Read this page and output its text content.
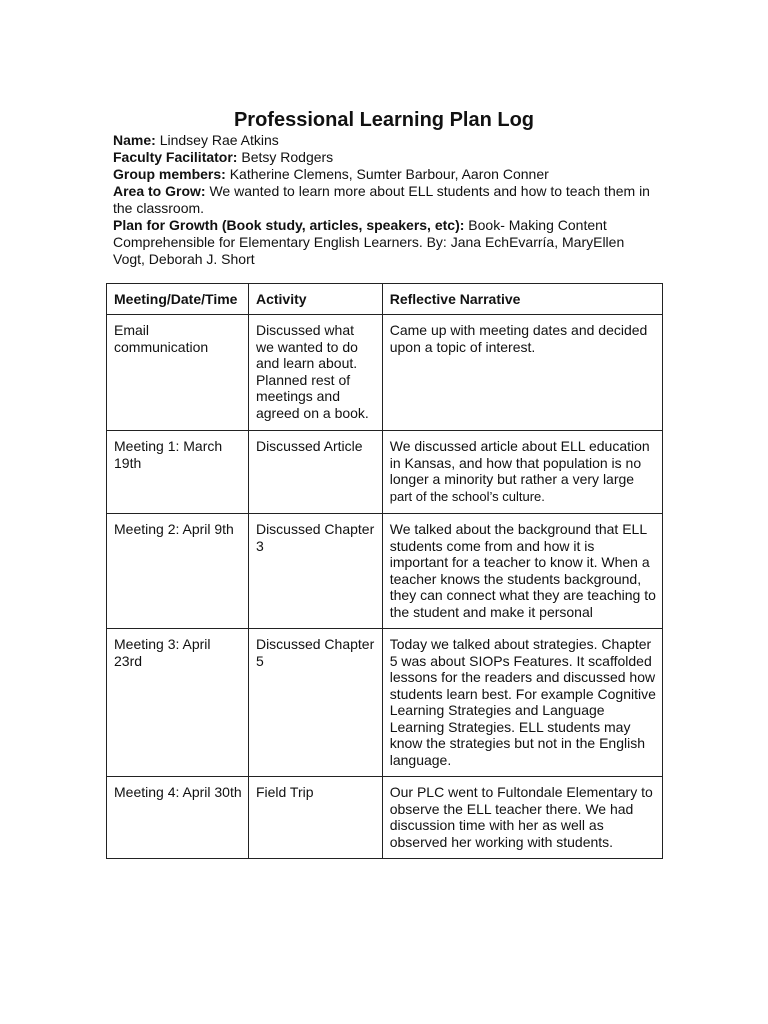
Professional Learning Plan Log

Name: Lindsey Rae Atkins

Faculty Facilitator: Betsy Rodgers

Group members: Katherine Clemens, Sumter Barbour, Aaron Conner

Area to Grow: We wanted to learn more about ELL students and how to teach them in the classroom.

Plan for Growth (Book study, articles, speakers, etc): Book- Making Content Comprehensible for Elementary English Learners. By: Jana EchEvarría, MaryEllen Vogt, Deborah J. Short

Meeting/Date/Time	Activity	Reflective Narrative
Email communication	Discussed what we wanted to do and learn about. Planned rest of meetings and agreed on a book.	Came up with meeting dates and decided upon a topic of interest.
Meeting 1: March 19th	Discussed Article	We discussed article about ELL education in Kansas, and how that population is no longer a minority but rather a very large part of the school’s culture.
Meeting 2: April 9th	Discussed Chapter 3	We talked about the background that ELL students come from and how it is important for a teacher to know it. When a teacher knows the students background, they can connect what they are teaching to the student and make it personal
Meeting 3: April 23rd	Discussed Chapter 5	Today we talked about strategies. Chapter 5 was about SIOPs Features. It scaffolded lessons for the readers and discussed how students learn best. For example Cognitive Learning Strategies and Language Learning Strategies. ELL students may know the strategies but not in the English language.
Meeting 4: April 30th	Field Trip	Our PLC went to Fultondale Elementary to observe the ELL teacher there. We had discussion time with her as well as observed her working with students.
